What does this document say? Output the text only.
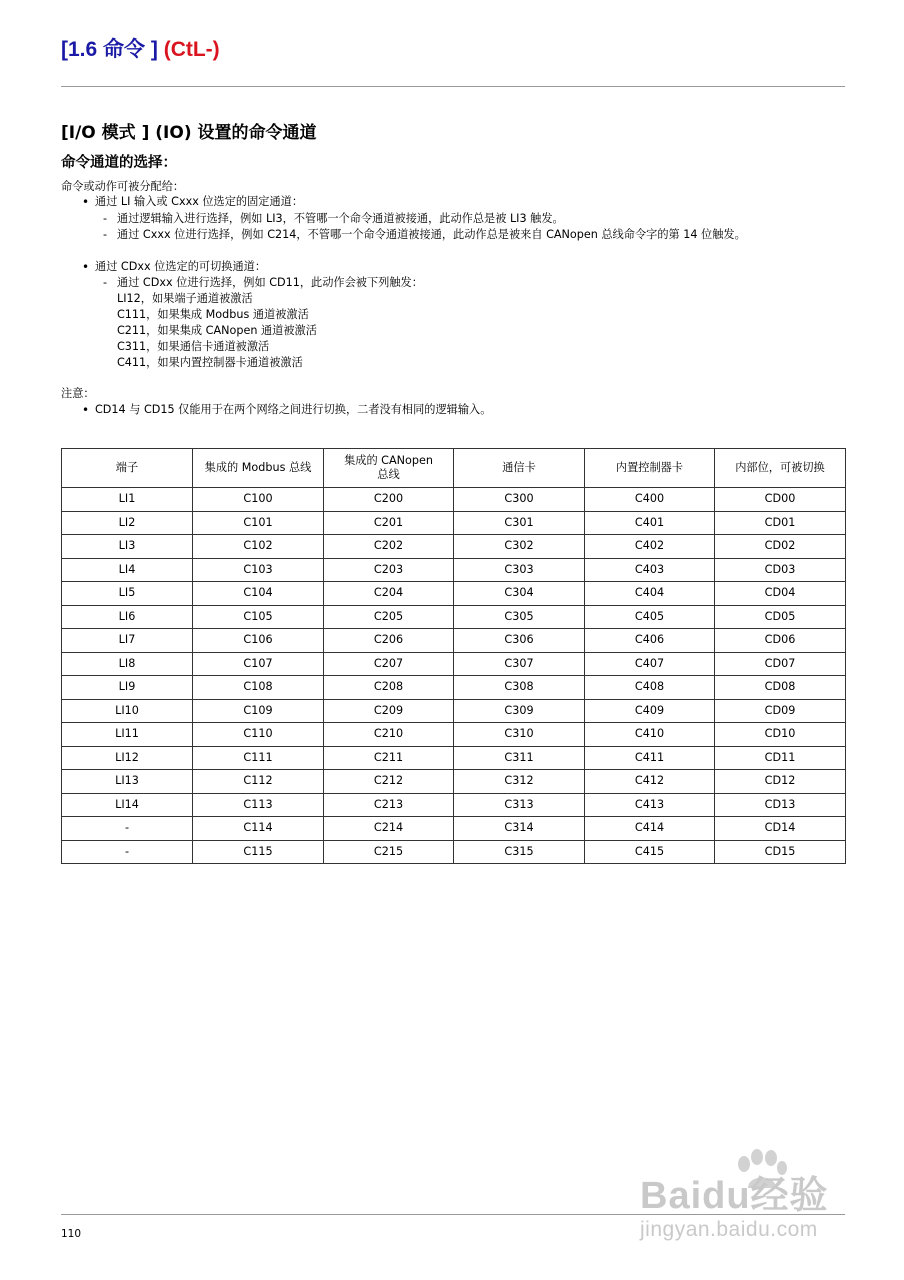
[1.6 命令 ] (CtL-)
[I/O 模式 ] (IO) 设置的命令通道
命令通道的选择：

命令或动作可被分配给：

• 通过 LI 输入或 Cxxx 位选定的固定通道：

- 通过逻辑输入进行选择，例如 LI3，不管哪一个命令通道被接通，此动作总是被 LI3 触发。

- 通过 Cxxx 位进行选择，例如 C214，不管哪一个命令通道被接通，此动作总是被来自 CANopen 总线命令字的第 14 位触发。

• 通过 CDxx 位选定的可切换通道：

- 通过 CDxx 位进行选择，例如 CD11，此动作会被下列触发：

LI12，如果端子通道被激活

C111，如果集成 Modbus 通道被激活

C211，如果集成 CANopen 通道被激活

C311，如果通信卡通道被激活

C411，如果内置控制器卡通道被激活

注意：

• CD14 与 CD15 仅能用于在两个网络之间进行切换，二者没有相同的逻辑输入。

端子	集成的 Modbus 总线	集成的 CANopen
总线	通信卡	内置控制器卡	内部位，可被切换
LI1	C100	C200	C300	C400	CD00
LI2	C101	C201	C301	C401	CD01
LI3	C102	C202	C302	C402	CD02
LI4	C103	C203	C303	C403	CD03
LI5	C104	C204	C304	C404	CD04
LI6	C105	C205	C305	C405	CD05
LI7	C106	C206	C306	C406	CD06
LI8	C107	C207	C307	C407	CD07
LI9	C108	C208	C308	C408	CD08
LI10	C109	C209	C309	C409	CD09
LI11	C110	C210	C310	C410	CD10
LI12	C111	C211	C311	C411	CD11
LI13	C112	C212	C312	C412	CD12
LI14	C113	C213	C313	C413	CD13
-	C114	C214	C314	C414	CD14
-	C115	C215	C315	C415	CD15

110

Baidu经验
jingyan.baidu.com
